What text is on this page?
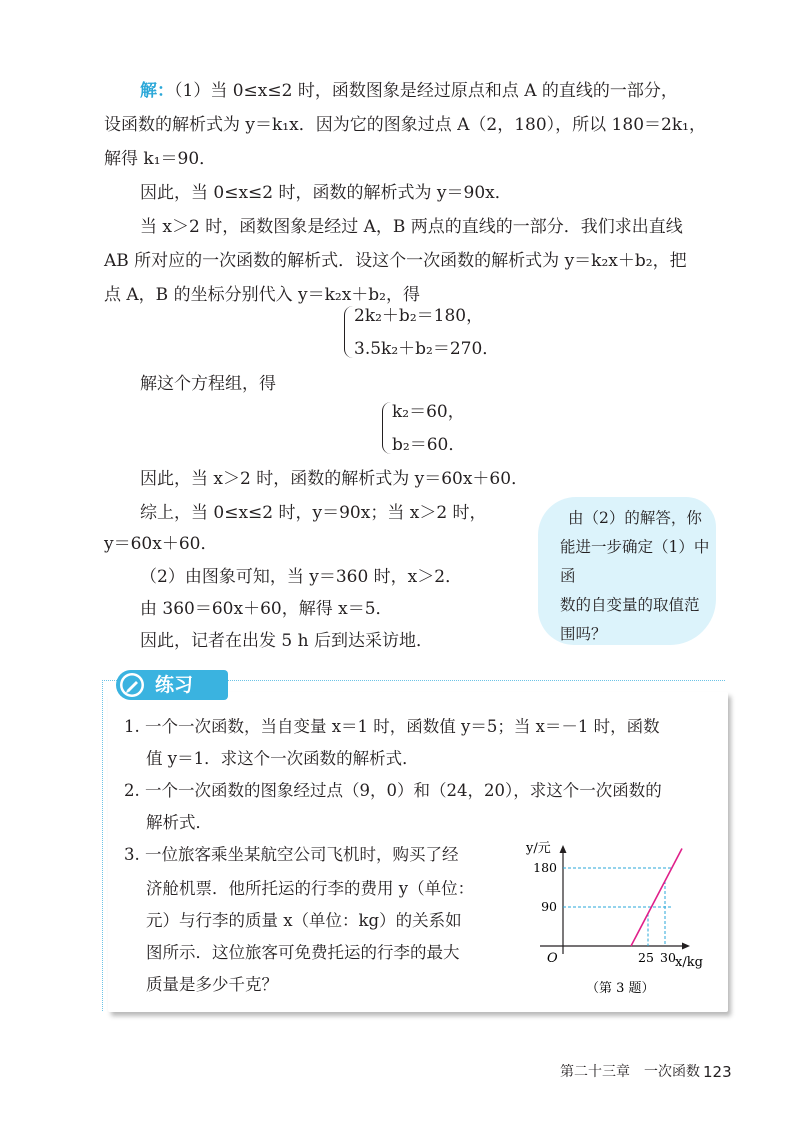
解：（1）当 0≤x≤2 时，函数图象是经过原点和点 A 的直线的一部分，
设函数的解析式为 y＝k₁x．因为它的图象过点 A（2，180），所以 180＝2k₁，
解得 k₁＝90．
因此，当 0≤x≤2 时，函数的解析式为 y＝90x．
当 x＞2 时，函数图象是经过 A，B 两点的直线的一部分．我们求出直线
AB 所对应的一次函数的解析式．设这个一次函数的解析式为 y＝k₂x＋b₂，把
点 A，B 的坐标分别代入 y＝k₂x＋b₂，得
2k₂＋b₂＝180，
3.5k₂＋b₂＝270．
解这个方程组，得
k₂＝60，
b₂＝60．
因此，当 x＞2 时，函数的解析式为 y＝60x＋60．
综上，当 0≤x≤2 时，y＝90x；当 x＞2 时，
y＝60x＋60．
（2）由图象可知，当 y＝360 时，x＞2．
由 360＝60x＋60，解得 x＝5．
因此，记者在出发 5 h 后到达采访地．
由（2）的解答，你
能进一步确定（1）中函
数的自变量的取值范
围吗？
练习
1. 一个一次函数，当自变量 x＝1 时，函数值 y＝5；当 x＝－1 时，函数
值 y＝1．求这个一次函数的解析式．
2. 一个一次函数的图象经过点（9，0）和（24，20），求这个一次函数的
解析式．
3. 一位旅客乘坐某航空公司飞机时，购买了经
济舱机票．他所托运的行李的费用 y（单位：
元）与行李的质量 x（单位：kg）的关系如
图所示．这位旅客可免费托运的行李的最大
质量是多少千克？
y/元
x/kg
O
（第 3 题）
90
180
25 30
第二十三章　一次函数 123
